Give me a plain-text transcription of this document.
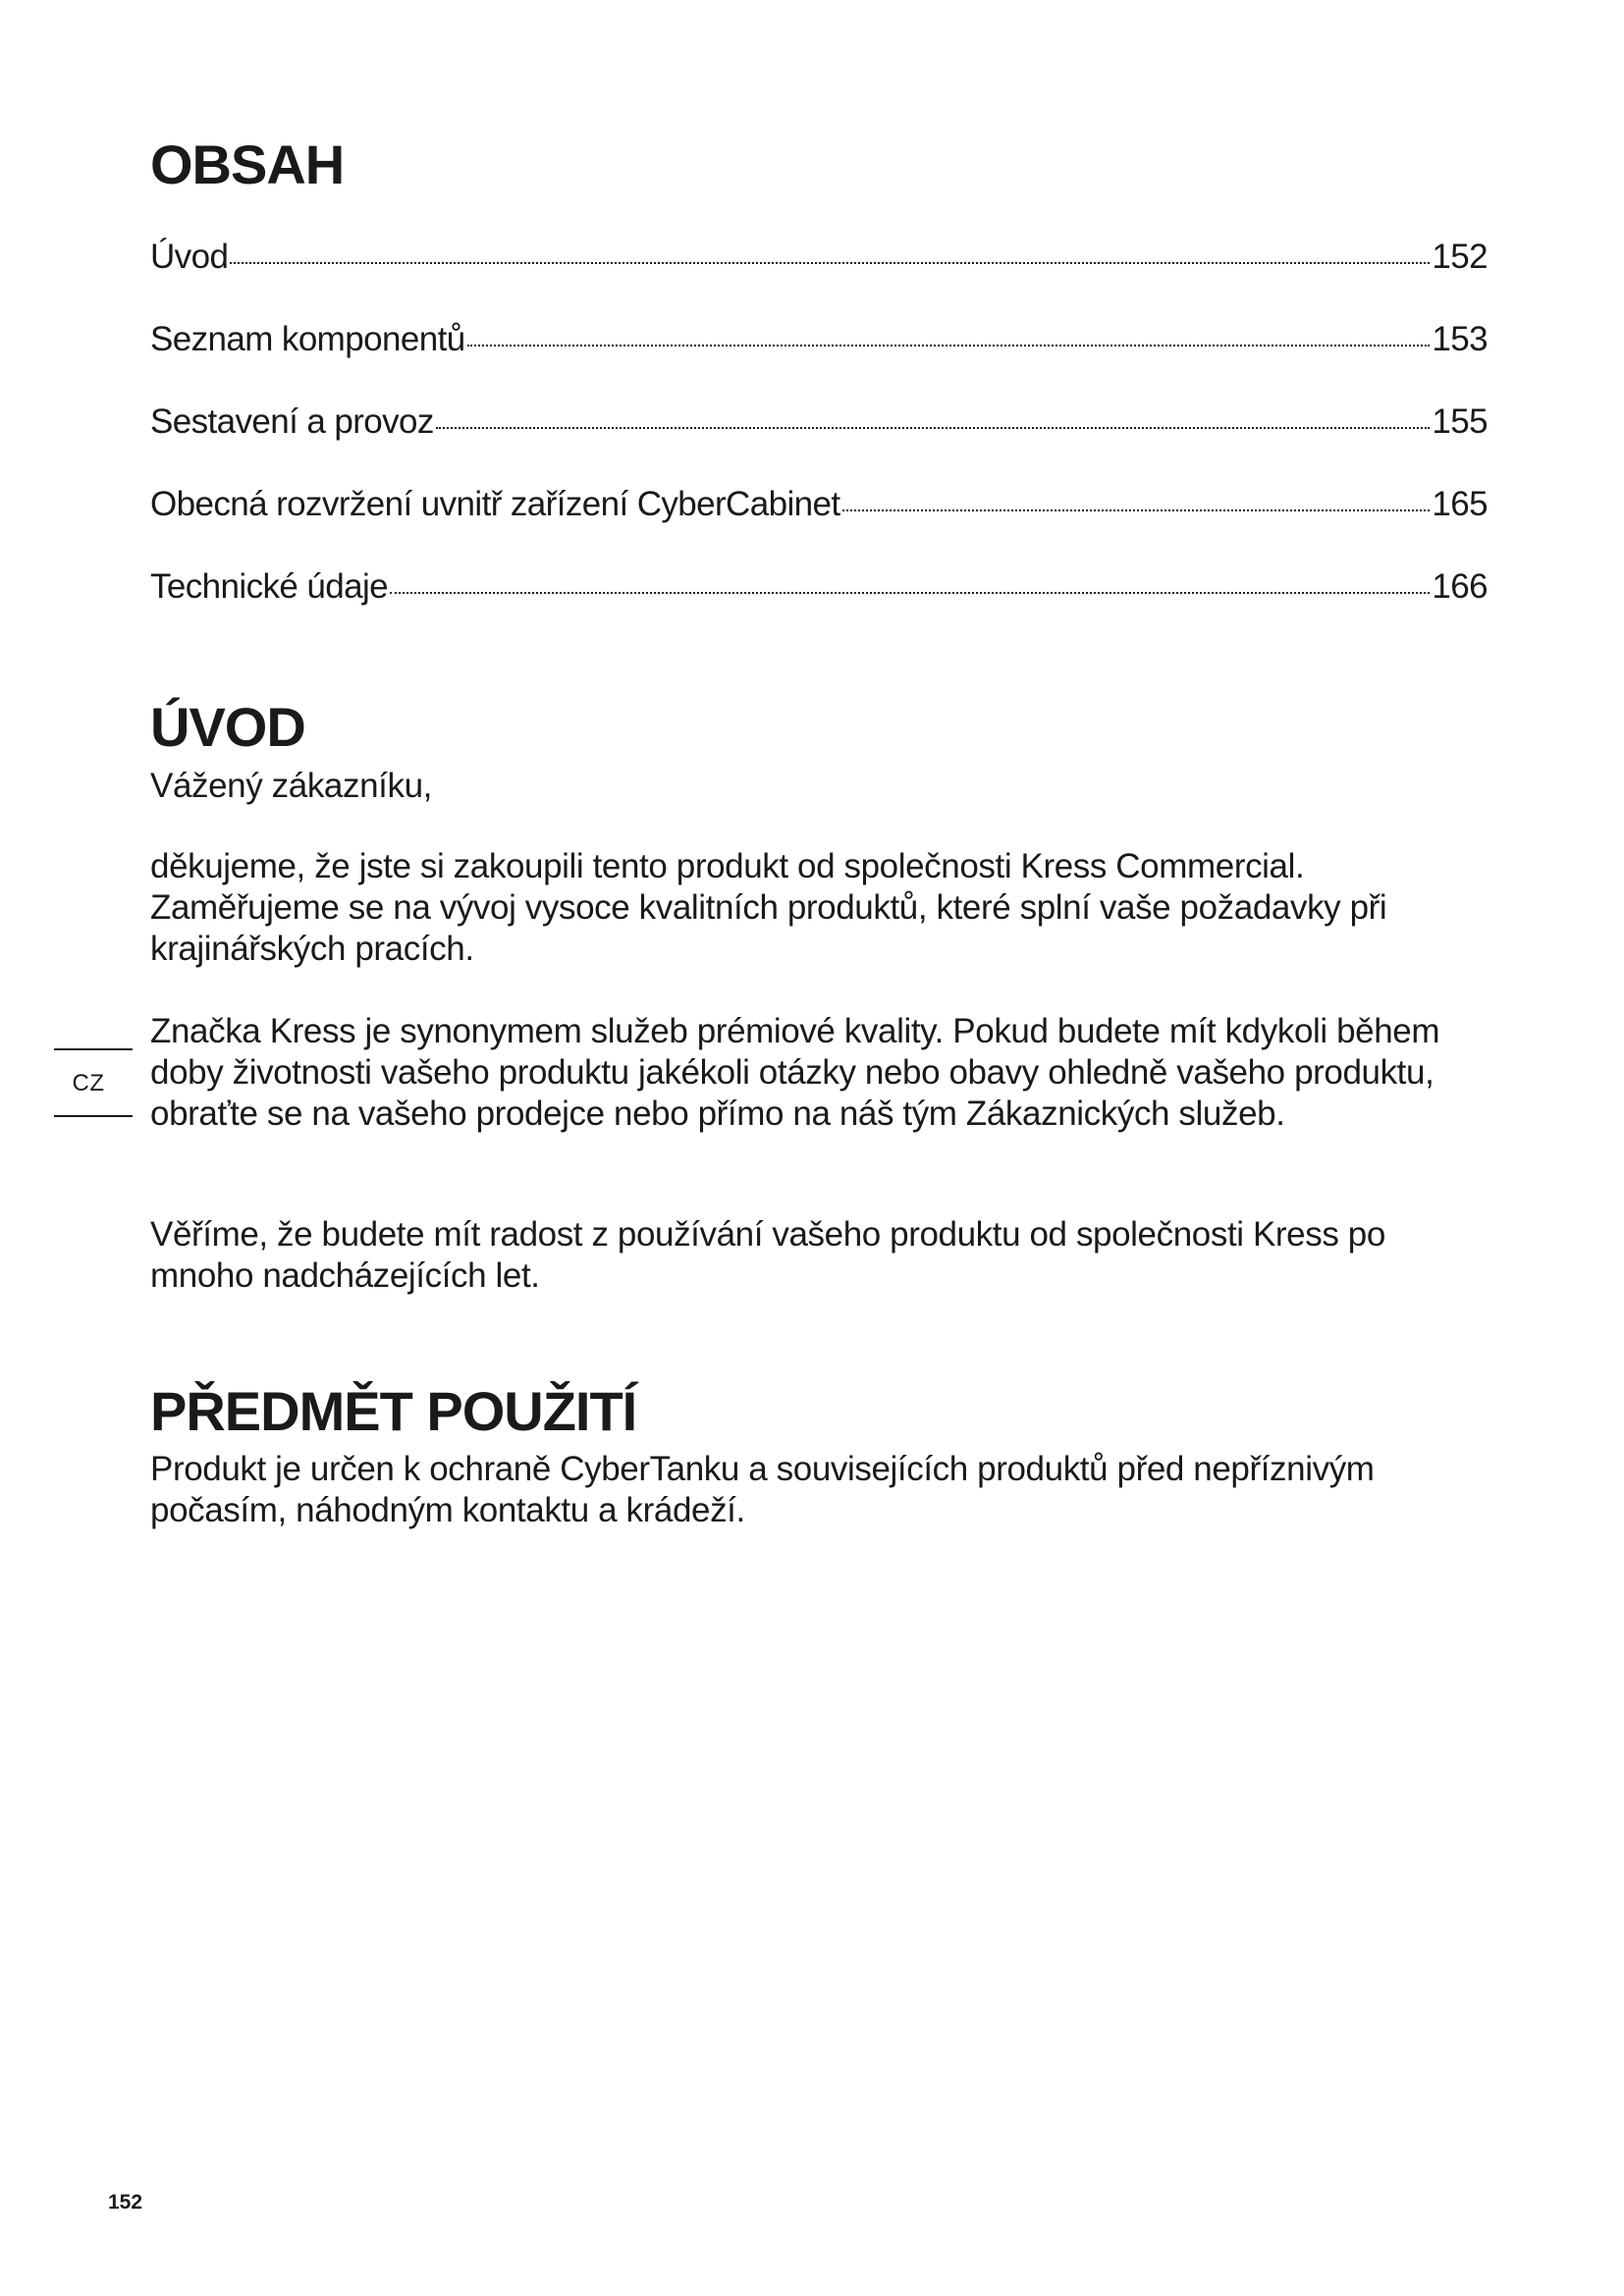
OBSAH
Úvod	152
Seznam komponentů	153
Sestavení a provoz	155
Obecná rozvržení uvnitř zařízení CyberCabinet	165
Technické údaje	166
ÚVOD

Vážený zákazníku,

děkujeme, že jste si zakoupili tento produkt od společnosti Kress Commercial. Zaměřujeme se na vývoj vysoce kvalitních produktů, které splní vaše požadavky při krajinářských pracích.

Značka Kress je synonymem služeb prémiové kvality. Pokud budete mít kdykoli během doby životnosti vašeho produktu jakékoli otázky nebo obavy ohledně vašeho produktu, obraťte se na vašeho prodejce nebo přímo na náš tým Zákaznických služeb.

Věříme, že budete mít radost z používání vašeho produktu od společnosti Kress po mnoho nadcházejících let.

PŘEDMĚT POUŽITÍ

Produkt je určen k ochraně CyberTanku a souvisejících produktů před nepříznivým počasím, náhodným kontaktu a krádeží.

CZ
152
